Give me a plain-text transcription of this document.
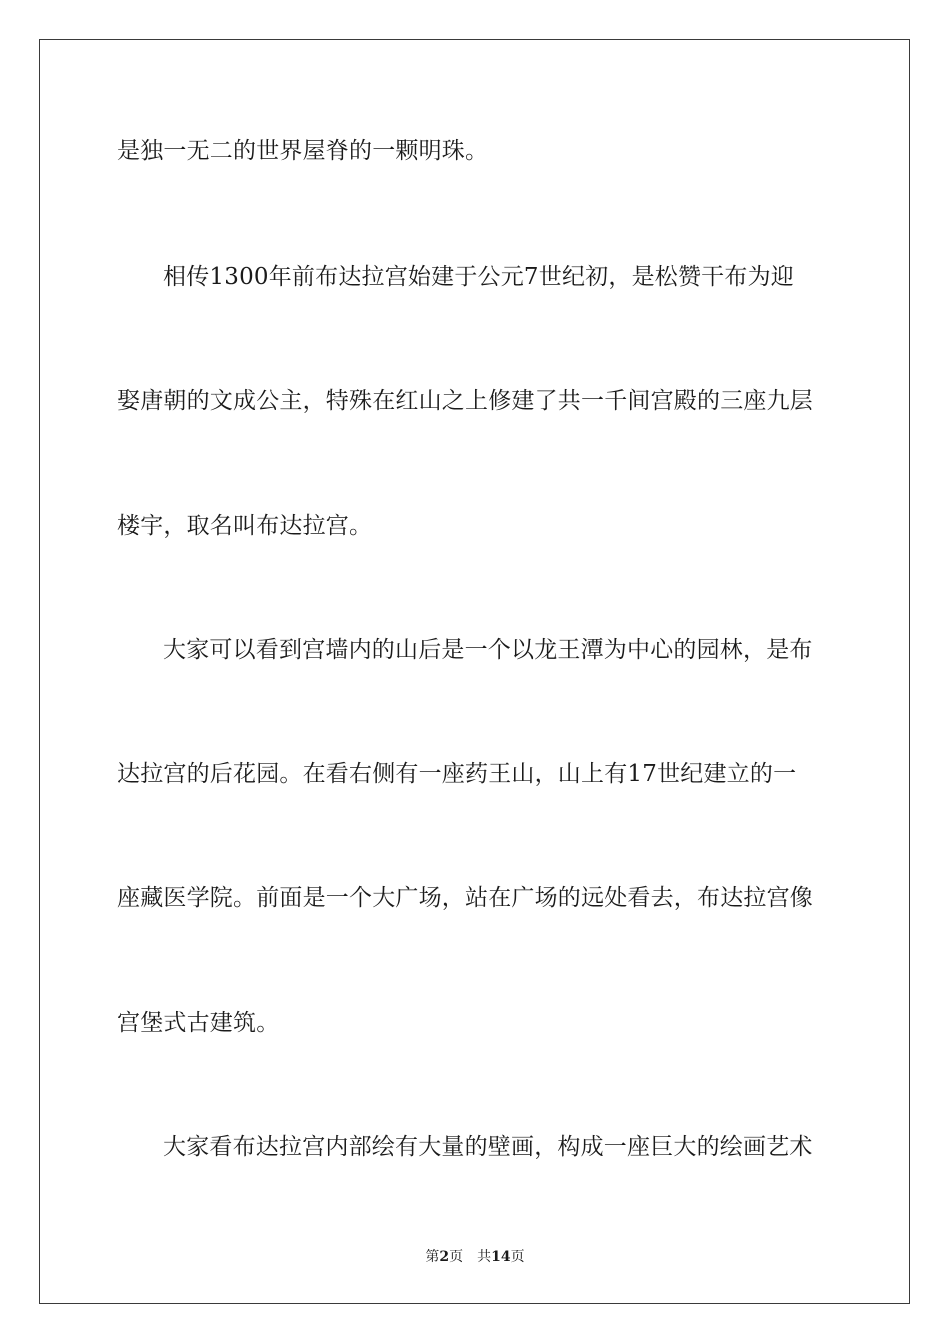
是独一无二的世界屋脊的一颗明珠。
相传1300年前布达拉宫始建于公元7世纪初，是松赞干布为迎
娶唐朝的文成公主，特殊在红山之上修建了共一千间宫殿的三座九层
楼宇，取名叫布达拉宫。
大家可以看到宫墙内的山后是一个以龙王潭为中心的园林，是布
达拉宫的后花园。在看右侧有一座药王山，山上有17世纪建立的一
座藏医学院。前面是一个大广场，站在广场的远处看去，布达拉宫像
宫堡式古建筑。
大家看布达拉宫内部绘有大量的壁画，构成一座巨大的绘画艺术
第2页 共14页
